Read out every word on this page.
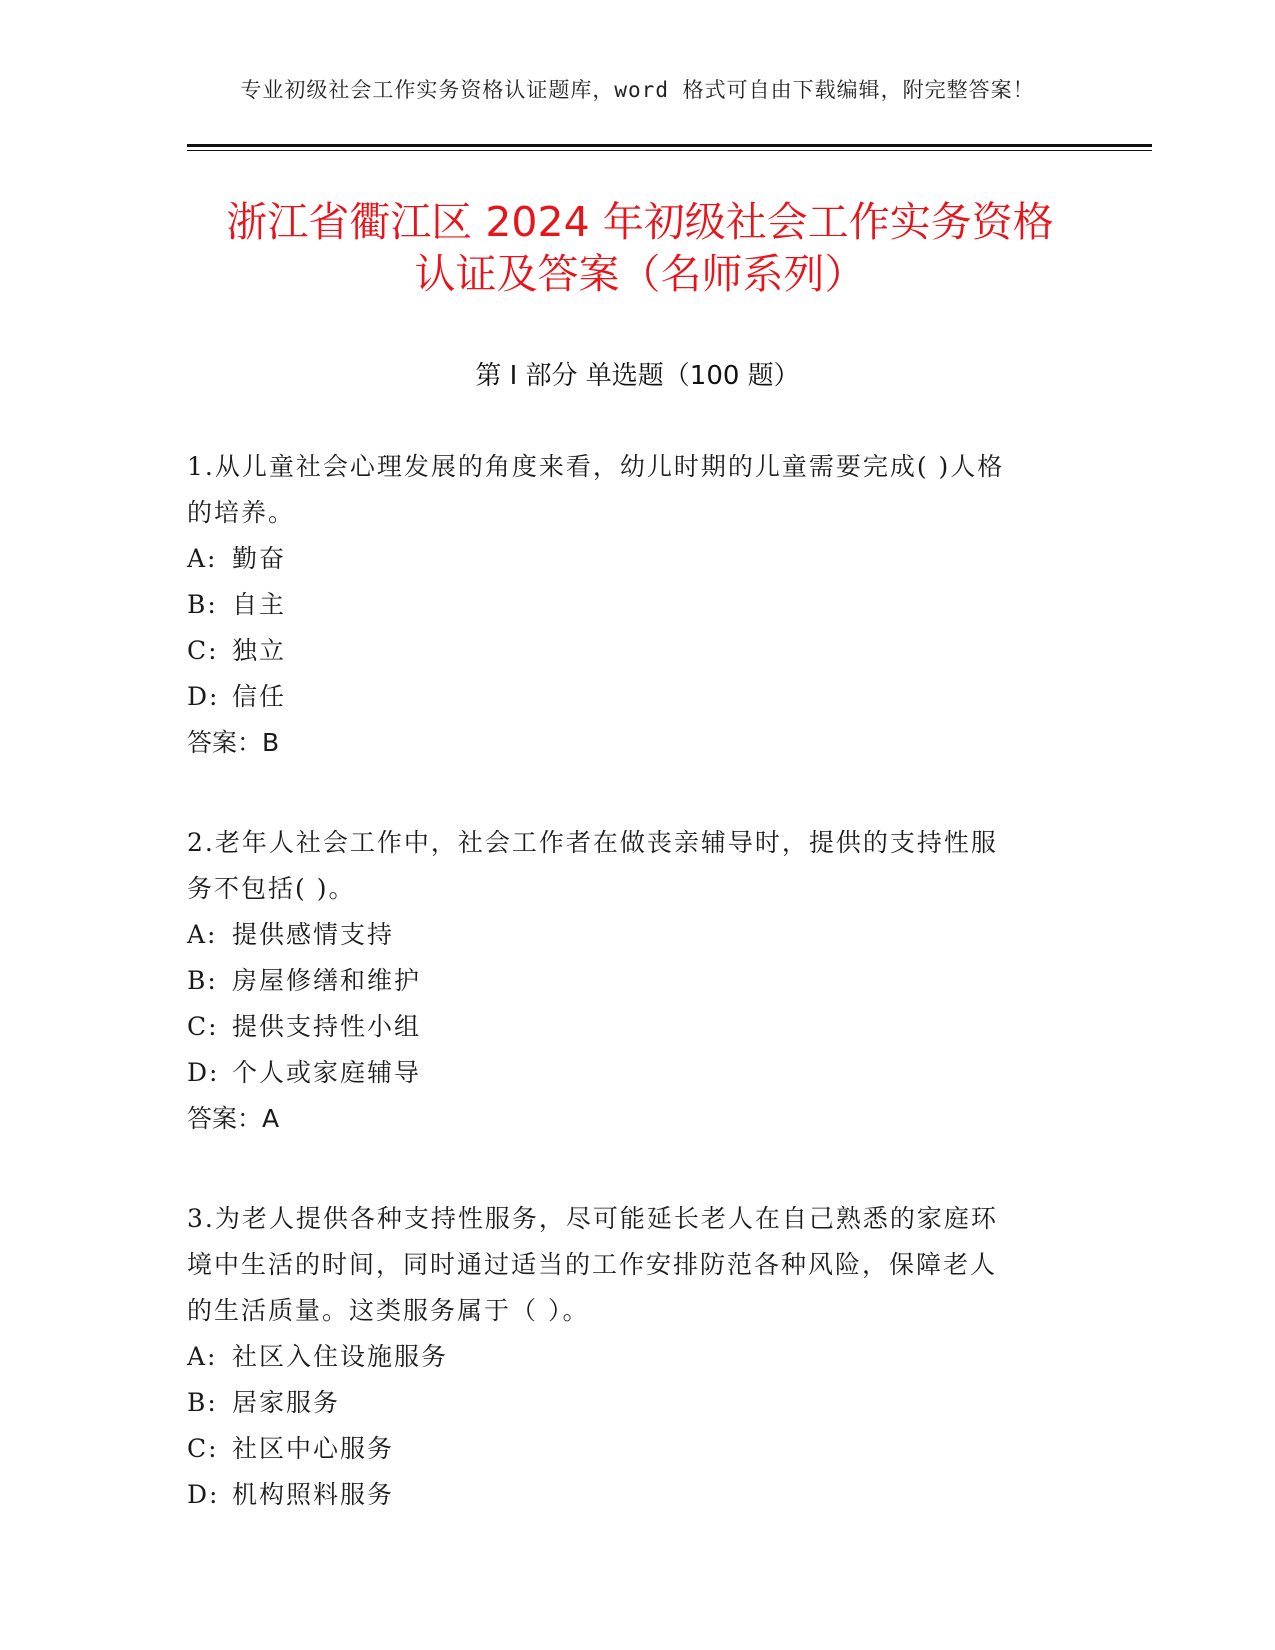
专业初级社会工作实务资格认证题库，word 格式可自由下载编辑，附完整答案！
浙江省衢江区 2024 年初级社会工作实务资格
认证及答案（名师系列）
第 I 部分 单选题（100 题）
1.从儿童社会心理发展的角度来看，幼儿时期的儿童需要完成( )人格
的培养。
A: 勤奋
B: 自主
C: 独立
D: 信任
答案：B
2.老年人社会工作中，社会工作者在做丧亲辅导时，提供的支持性服
务不包括( )。
A: 提供感情支持
B: 房屋修缮和维护
C: 提供支持性小组
D: 个人或家庭辅导
答案：A
3.为老人提供各种支持性服务，尽可能延长老人在自己熟悉的家庭环
境中生活的时间，同时通过适当的工作安排防范各种风险，保障老人
的生活质量。这类服务属于（ ）。
A: 社区入住设施服务
B: 居家服务
C: 社区中心服务
D: 机构照料服务
